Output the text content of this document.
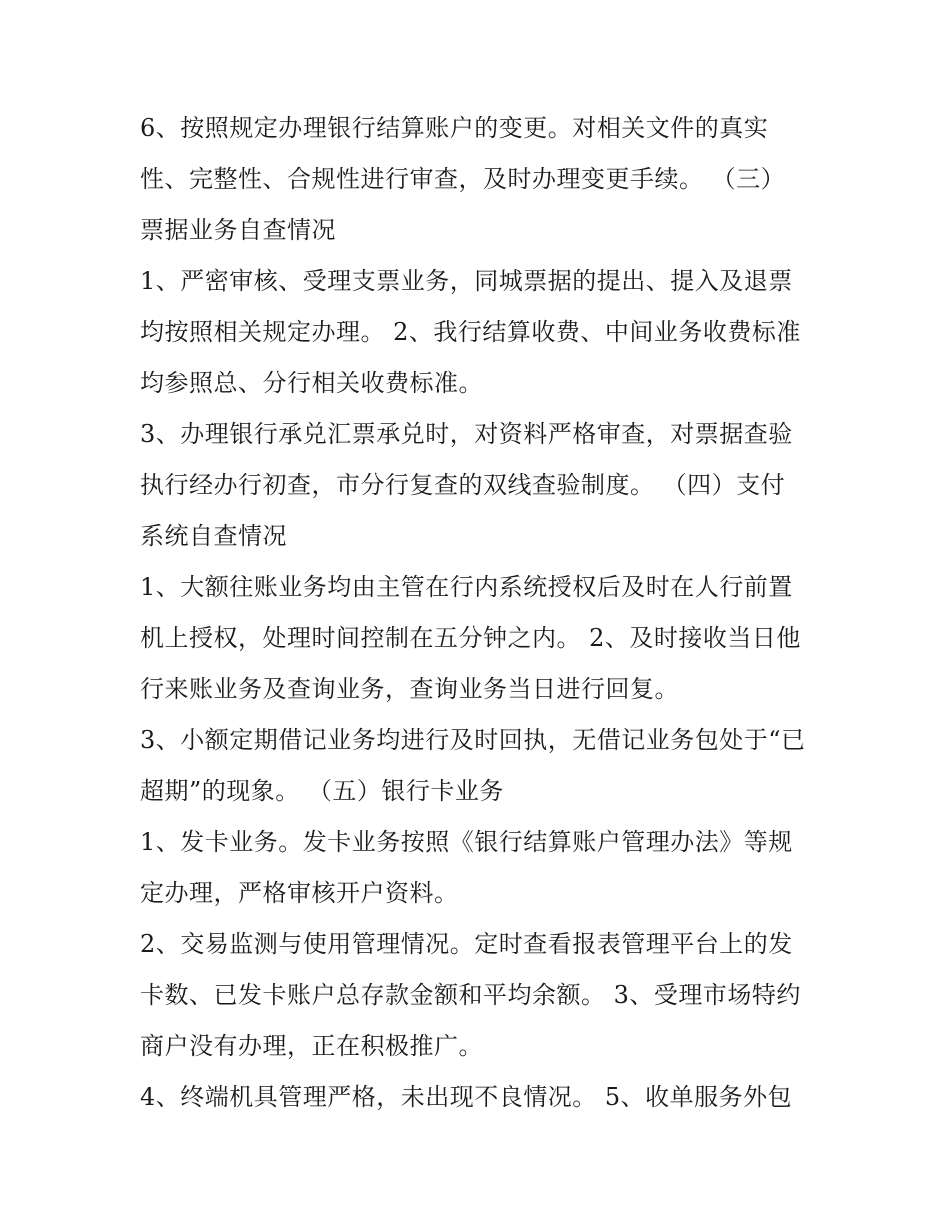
6、按照规定办理银行结算账户的变更。对相关文件的真实
性、完整性、合规性进行审查，及时办理变更手续。 （三）
票据业务自查情况
1、严密审核、受理支票业务，同城票据的提出、提入及退票
均按照相关规定办理。 2、我行结算收费、中间业务收费标准
均参照总、分行相关收费标准。
3、办理银行承兑汇票承兑时，对资料严格审查，对票据查验
执行经办行初查，市分行复查的双线查验制度。 （四）支付
系统自查情况
1、大额往账业务均由主管在行内系统授权后及时在人行前置
机上授权，处理时间控制在五分钟之内。 2、及时接收当日他
行来账业务及查询业务，查询业务当日进行回复。
3、小额定期借记业务均进行及时回执，无借记业务包处于“已
超期”的现象。 （五）银行卡业务
1、发卡业务。发卡业务按照《银行结算账户管理办法》等规
定办理，严格审核开户资料。
2、交易监测与使用管理情况。定时查看报表管理平台上的发
卡数、已发卡账户总存款金额和平均余额。 3、受理市场特约
商户没有办理，正在积极推广。
4、终端机具管理严格，未出现不良情况。 5、收单服务外包
